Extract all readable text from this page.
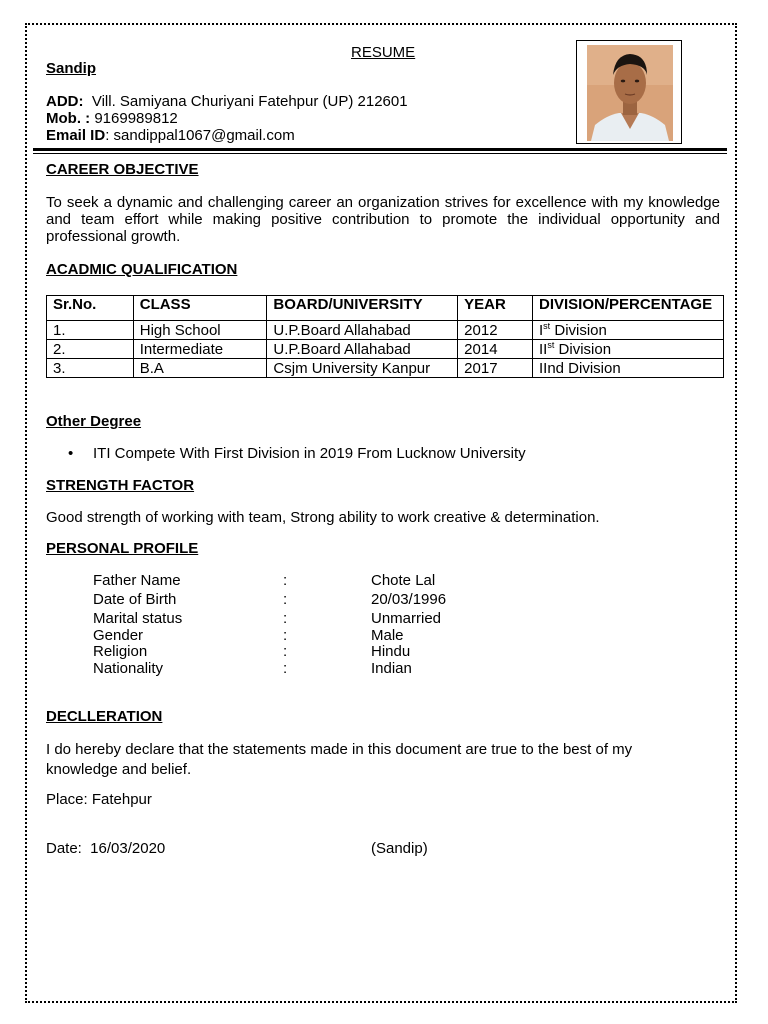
RESUME
Sandip
ADD: Vill. Samiyana Churiyani Fatehpur (UP) 212601
Mob. : 9169989812
Email ID: sandippal1067@gmail.com
CAREER OBJECTIVE
To seek a dynamic and challenging career an organization strives for excellence with my knowledge and team effort while making positive contribution to promote the individual opportunity and professional growth.
ACADMIC QUALIFICATION
Sr.No.	CLASS	BOARD/UNIVERSITY	YEAR	DIVISION/PERCENTAGE
1.	High School	U.P.Board Allahabad	2012	Ist Division
2.	Intermediate	U.P.Board Allahabad	2014	IIst Division
3.	B.A	Csjm University Kanpur	2017	IInd Division
Other Degree
• ITI Compete With First Division in 2019 From Lucknow University
STRENGTH FACTOR
Good strength of working with team, Strong ability to work creative & determination.
PERSONAL PROFILE
Father Name	:	Chote Lal
Date of Birth	:	20/03/1996
Marital status	:	Unmarried
Gender	:	Male
Religion	:	Hindu
Nationality	:	Indian
DECLLERATION
I do hereby declare that the statements made in this document are true to the best of my knowledge and belief.
Place: Fatehpur
Date:  16/03/2020	(Sandip)
